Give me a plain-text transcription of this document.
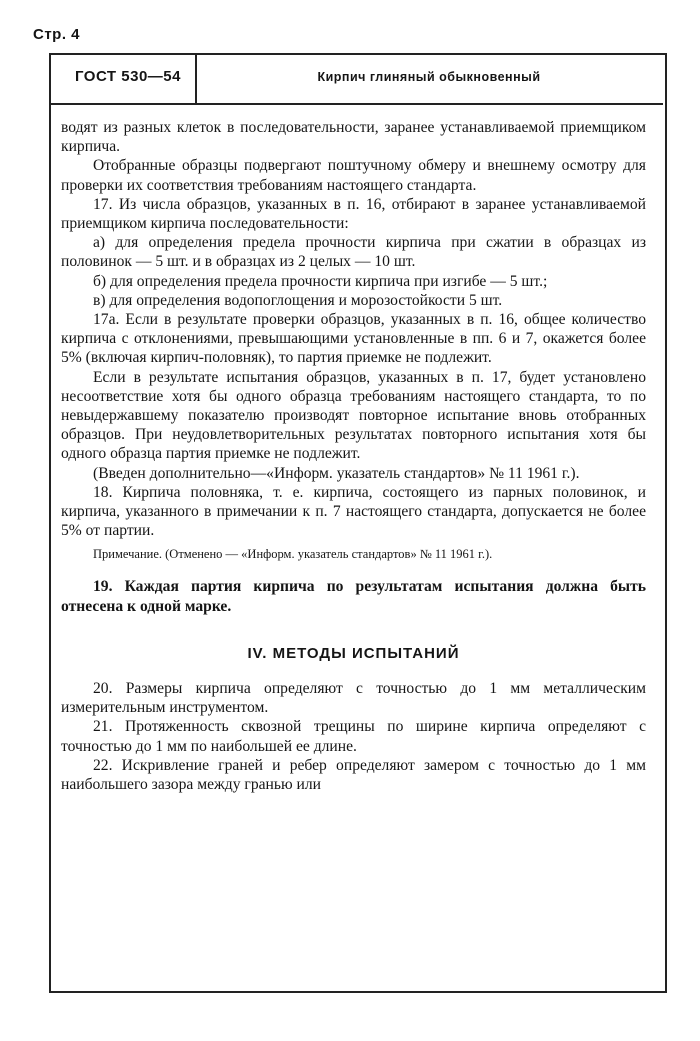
Стр. 4
ГОСТ 530—54	Кирпич глиняный обыкновенный

водят из разных клеток в последовательности, заранее устанавливаемой приемщиком кирпича.

Отобранные образцы подвергают поштучному обмеру и внешнему осмотру для проверки их соответствия требованиям настоящего стандарта.

17. Из числа образцов, указанных в п. 16, отбирают в заранее устанавливаемой приемщиком кирпича последовательности:

а) для определения предела прочности кирпича при сжатии в образцах из половинок — 5 шт. и в образцах из 2 целых — 10 шт.

б) для определения предела прочности кирпича при изгибе — 5 шт.;

в) для определения водопоглощения и морозостойкости 5 шт.

17а. Если в результате проверки образцов, указанных в п. 16, общее количество кирпича с отклонениями, превышающими установленные в пп. 6 и 7, окажется более 5% (включая кирпич-половняк), то партия приемке не подлежит.

Если в результате испытания образцов, указанных в п. 17, будет установлено несоответствие хотя бы одного образца требованиям настоящего стандарта, то по невыдержавшему показателю производят повторное испытание вновь отобранных образцов. При неудовлетворительных результатах повторного испытания хотя бы одного образца партия приемке не подлежит.

(Введен дополнительно—«Информ. указатель стандартов» № 11 1961 г.).

18. Кирпича половняка, т. е. кирпича, состоящего из парных половинок, и кирпича, указанного в примечании к п. 7 настоящего стандарта, допускается не более 5% от партии.

Примечание. (Отменено — «Информ. указатель стандартов» № 11 1961 г.).

19. Каждая партия кирпича по результатам испытания должна быть отнесена к одной марке.

IV. МЕТОДЫ ИСПЫТАНИЙ

20. Размеры кирпича определяют с точностью до 1 мм металлическим измерительным инструментом.

21. Протяженность сквозной трещины по ширине кирпича определяют с точностью до 1 мм по наибольшей ее длине.

22. Искривление граней и ребер определяют замером с точностью до 1 мм наибольшего зазора между гранью или
